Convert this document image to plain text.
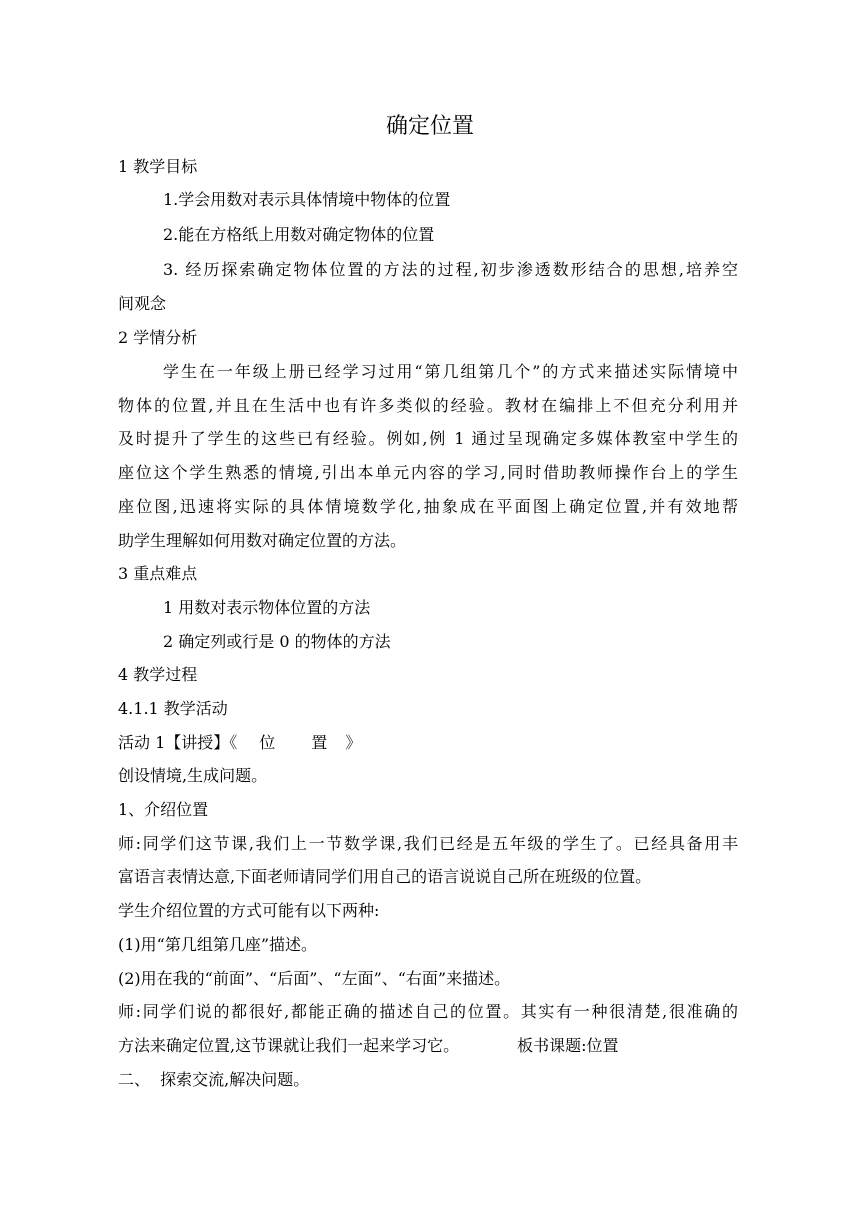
确定位置
1 教学目标
1.学会用数对表示具体情境中物体的位置
2.能在方格纸上用数对确定物体的位置
3. 经历探索确定物体位置的方法的过程,初步渗透数形结合的思想,培养空
间观念
2 学情分析
学生在一年级上册已经学习过用“第几组第几个”的方式来描述实际情境中
物体的位置,并且在生活中也有许多类似的经验。教材在编排上不但充分利用并
及时提升了学生的这些已有经验。例如,例 1 通过呈现确定多媒体教室中学生的
座位这个学生熟悉的情境,引出本单元内容的学习,同时借助教师操作台上的学生
座位图,迅速将实际的具体情境数学化,抽象成在平面图上确定位置,并有效地帮
助学生理解如何用数对确定位置的方法。
3 重点难点
1 用数对表示物体位置的方法
2 确定列或行是 0 的物体的方法
4 教学过程
4.1.1 教学活动
活动 1【讲授】《 位 置 》
创设情境,生成问题。
1、介绍位置
师:同学们这节课,我们上一节数学课,我们已经是五年级的学生了。已经具备用丰
富语言表情达意,下面老师请同学们用自己的语言说说自己所在班级的位置。
学生介绍位置的方式可能有以下两种:
(1)用“第几组第几座”描述。
(2)用在我的“前面”、“后面”、“左面”、“右面”来描述。
师:同学们说的都很好,都能正确的描述自己的位置。其实有一种很清楚,很准确的
方法来确定位置,这节课就让我们一起来学习它。	板书课题:位置
二、  探索交流,解决问题。
